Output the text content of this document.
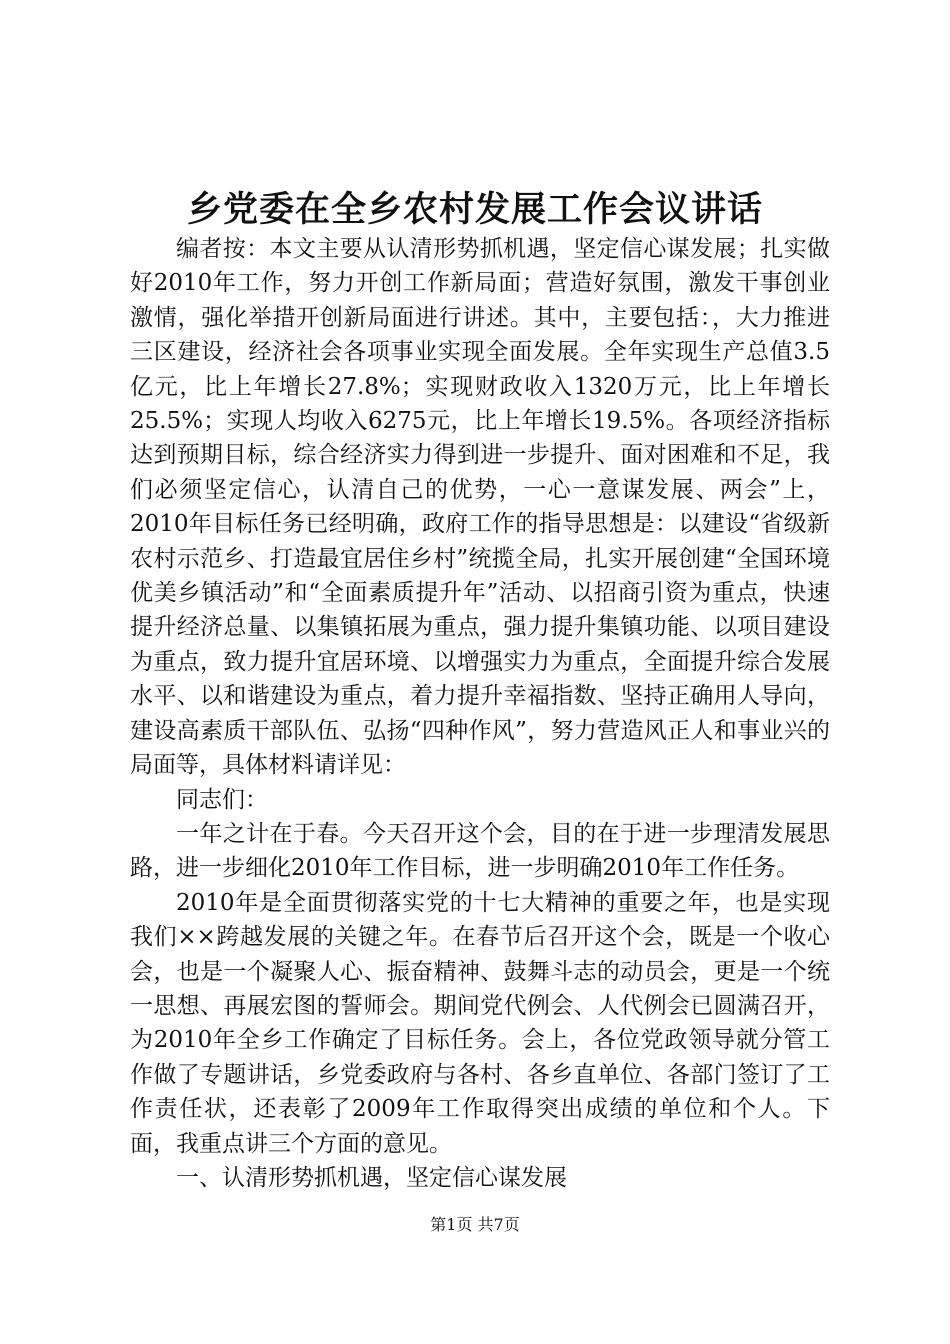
乡党委在全乡农村发展工作会议讲话

编者按：本文主要从认清形势抓机遇，坚定信心谋发展；扎实做好2010年工作，努力开创工作新局面；营造好氛围，激发干事创业激情，强化举措开创新局面进行讲述。其中，主要包括：，大力推进三区建设，经济社会各项事业实现全面发展。全年实现生产总值3.5亿元，比上年增长27.8%；实现财政收入1320万元，比上年增长25.5%；实现人均收入6275元，比上年增长19.5%。各项经济指标达到预期目标，综合经济实力得到进一步提升、面对困难和不足，我们必须坚定信心，认清自己的优势，一心一意谋发展、两会”上，2010年目标任务已经明确，政府工作的指导思想是：以建设“省级新农村示范乡、打造最宜居住乡村”统揽全局，扎实开展创建“全国环境优美乡镇活动”和“全面素质提升年”活动、以招商引资为重点，快速提升经济总量、以集镇拓展为重点，强力提升集镇功能、以项目建设为重点，致力提升宜居环境、以增强实力为重点，全面提升综合发展水平、以和谐建设为重点，着力提升幸福指数、坚持正确用人导向，建设高素质干部队伍、弘扬“四种作风”，努力营造风正人和事业兴的局面等，具体材料请详见：

同志们：

一年之计在于春。今天召开这个会，目的在于进一步理清发展思路，进一步细化2010年工作目标，进一步明确2010年工作任务。

2010年是全面贯彻落实党的十七大精神的重要之年，也是实现我们××跨越发展的关键之年。在春节后召开这个会，既是一个收心会，也是一个凝聚人心、振奋精神、鼓舞斗志的动员会，更是一个统一思想、再展宏图的誓师会。期间党代例会、人代例会已圆满召开，为2010年全乡工作确定了目标任务。会上，各位党政领导就分管工作做了专题讲话，乡党委政府与各村、各乡直单位、各部门签订了工作责任状，还表彰了2009年工作取得突出成绩的单位和个人。下面，我重点讲三个方面的意见。

一、认清形势抓机遇，坚定信心谋发展

第1页 共7页
